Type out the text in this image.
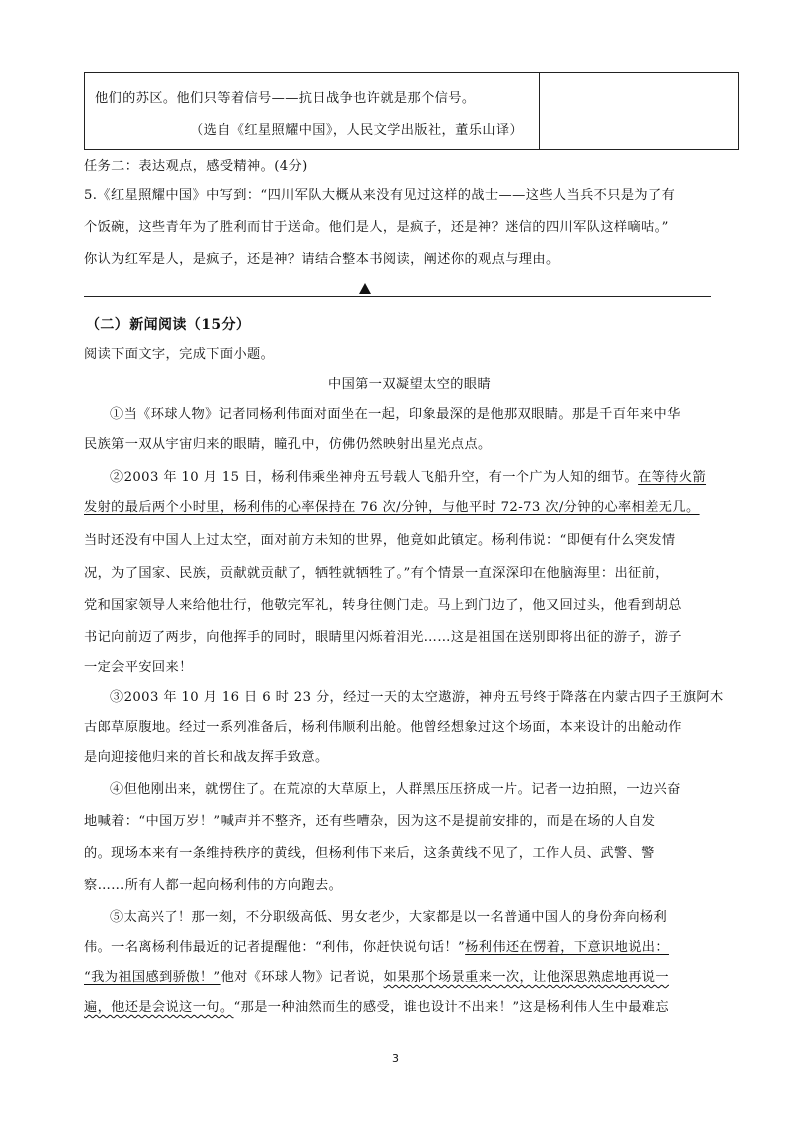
他们的苏区。他们只等着信号——抗日战争也许就是那个信号。
（选自《红星照耀中国》，人民文学出版社，董乐山译）
任务二：表达观点，感受精神。(4分)
5.《红星照耀中国》中写到：“四川军队大概从来没有见过这样的战士——这些人当兵不只是为了有
个饭碗，这些青年为了胜利而甘于送命。他们是人，是疯子，还是神？迷信的四川军队这样嘀咕。”
你认为红军是人，是疯子，还是神？请结合整本书阅读，阐述你的观点与理由。
（二）新闻阅读（15分）
阅读下面文字，完成下面小题。
中国第一双凝望太空的眼睛
①当《环球人物》记者同杨利伟面对面坐在一起，印象最深的是他那双眼睛。那是千百年来中华
民族第一双从宇宙归来的眼睛，瞳孔中，仿佛仍然映射出星光点点。
②2003 年 10 月 15 日，杨利伟乘坐神舟五号载人飞船升空，有一个广为人知的细节。在等待火箭
发射的最后两个小时里，杨利伟的心率保持在 76 次/分钟，与他平时 72-73 次/分钟的心率相差无几。
当时还没有中国人上过太空，面对前方未知的世界，他竟如此镇定。杨利伟说：“即便有什么突发情
况，为了国家、民族，贡献就贡献了，牺牲就牺牲了。”有个情景一直深深印在他脑海里：出征前，
党和国家领导人来给他壮行，他敬完军礼，转身往侧门走。马上到门边了，他又回过头，他看到胡总
书记向前迈了两步，向他挥手的同时，眼睛里闪烁着泪光……这是祖国在送别即将出征的游子，游子
一定会平安回来！
③2003 年 10 月 16 日 6 时 23 分，经过一天的太空遨游，神舟五号终于降落在内蒙古四子王旗阿木
古郎草原腹地。经过一系列准备后，杨利伟顺利出舱。他曾经想象过这个场面，本来设计的出舱动作
是向迎接他归来的首长和战友挥手致意。
④但他刚出来，就愣住了。在荒凉的大草原上，人群黑压压挤成一片。记者一边拍照，一边兴奋
地喊着：“中国万岁！”喊声并不整齐，还有些嘈杂，因为这不是提前安排的，而是在场的人自发
的。现场本来有一条维持秩序的黄线，但杨利伟下来后，这条黄线不见了，工作人员、武警、警
察……所有人都一起向杨利伟的方向跑去。
⑤太高兴了！那一刻，不分职级高低、男女老少，大家都是以一名普通中国人的身份奔向杨利
伟。一名离杨利伟最近的记者提醒他：“利伟，你赶快说句话！”杨利伟还在愣着，下意识地说出：
“我为祖国感到骄傲！”他对《环球人物》记者说，如果那个场景重来一次，让他深思熟虑地再说一
遍，他还是会说这一句。“那是一种油然而生的感受，谁也设计不出来！”这是杨利伟人生中最难忘
3
